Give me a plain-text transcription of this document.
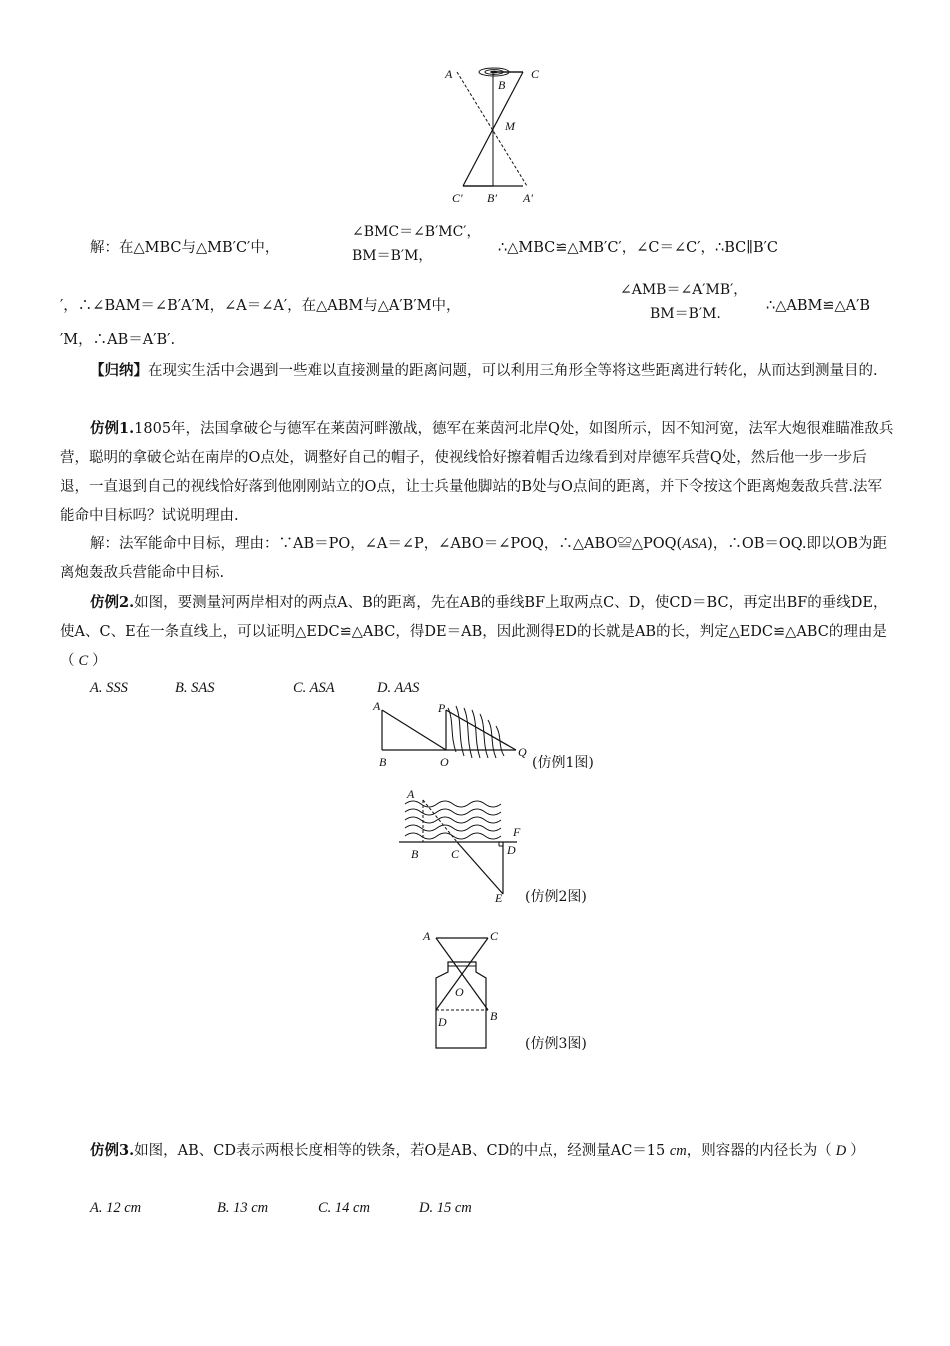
A
B
C
M
C′ B′ A′
∠BMC＝∠B′MC′，
BM＝B′M，
解：在△MBC与△MB′C′中，	∴△MBC≌△MB′C′，∠C＝∠C′，∴BC∥B′C
∠AMB＝∠A′MB′，
BM＝B′M.
′，∴∠BAM＝∠B′A′M，∠A＝∠A′，在△ABM与△A′B′M中，	∴△ABM≌△A′B
′M，∴AB＝A′B′.
【归纳】在现实生活中会遇到一些难以直接测量的距离问题，可以利用三角形全等将这些距离进行转化，从而达到测量目的.
仿例1.1805年，法国拿破仑与德军在莱茵河畔激战，德军在莱茵河北岸Q处，如图所示，因不知河宽，法军大炮很难瞄准敌兵营，聪明的拿破仑站在南岸的O点处，调整好自己的帽子，使视线恰好擦着帽舌边缘看到对岸德军兵营Q处，然后他一步一步后退，一直退到自己的视线恰好落到他刚刚站立的O点，让士兵量他脚站的B处与O点间的距离，并下令按这个距离炮轰敌兵营.法军能命中目标吗？试说明理由.
解：法军能命中目标，理由：∵AB＝PO，∠A＝∠P，∠ABO＝∠POQ，∴△ABO≌△POQ(ASA)，∴OB＝OQ.即以OB为距离炮轰敌兵营能命中目标.
仿例2.如图，要测量河两岸相对的两点A、B的距离，先在AB的垂线BF上取两点C、D，使CD＝BC，再定出BF的垂线DE，使A、C、E在一条直线上，可以证明△EDC≌△ABC，得DE＝AB，因此测得ED的长就是AB的长，判定△EDC≌△ABC的理由是（ C ）
A. SSS	B. SAS	C. ASA	D. AAS
A	P
B	O
Q
(仿例1图)
A
F
B	C	D
E (仿例2图)
A	C
O
D	B
(仿例3图)
仿例3.如图，AB、CD表示两根长度相等的铁条，若O是AB、CD的中点，经测量AC＝15 cm，则容器的内径长为（ D ）
A. 12 cm	B. 13 cm	C. 14 cm	D. 15 cm
